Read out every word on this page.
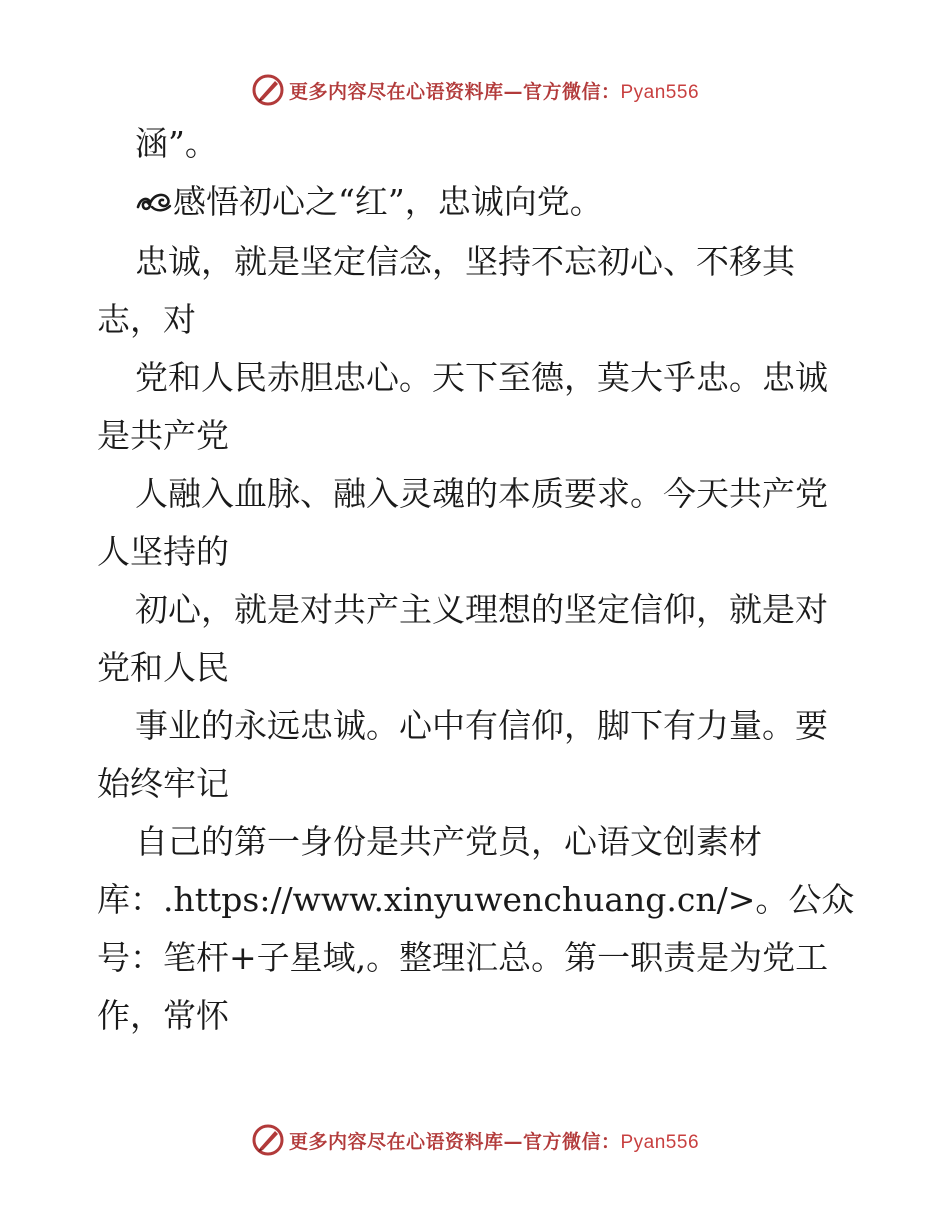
更多内容尽在心语资料库—官方微信：Pyan556
涵”。
感悟初心之“红”，忠诚向党。
忠诚，就是坚定信念，坚持不忘初心、不移其
志，对
党和人民赤胆忠心。天下至德，莫大乎忠。忠诚
是共产党
人融入血脉、融入灵魂的本质要求。今天共产党
人坚持的
初心，就是对共产主义理想的坚定信仰，就是对
党和人民
事业的永远忠诚。心中有信仰，脚下有力量。要
始终牢记
自己的第一身份是共产党员，心语文创素材
库：.https://www.xinyuwenchuang.cn/>。公众
号：笔杆+子星域,。整理汇总。第一职责是为党工
作，常怀
更多内容尽在心语资料库—官方微信：Pyan556
